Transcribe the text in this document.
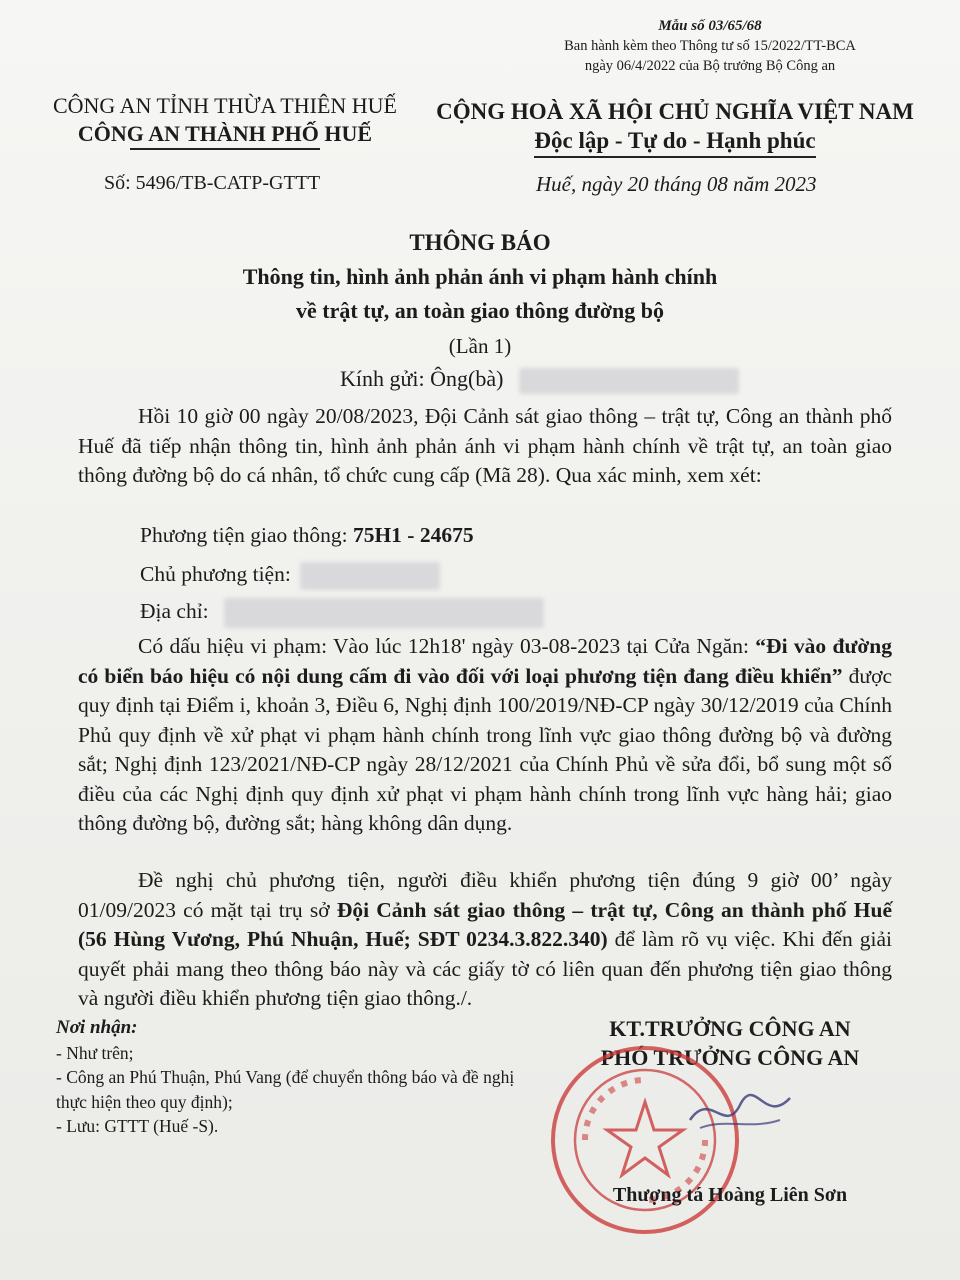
Mẫu số 03/65/68
Ban hành kèm theo Thông tư số 15/2022/TT-BCA
ngày 06/4/2022 của Bộ trưởng Bộ Công an
CÔNG AN TỈNH THỪA THIÊN HUẾ
CÔNG AN THÀNH PHỐ HUẾ
CỘNG HOÀ XÃ HỘI CHỦ NGHĨA VIỆT NAM
Độc lập - Tự do - Hạnh phúc
Số: 5496/TB-CATP-GTTT	Huế, ngày 20 tháng 08 năm 2023
THÔNG BÁO
Thông tin, hình ảnh phản ánh vi phạm hành chính
về trật tự, an toàn giao thông đường bộ
(Lần 1)
Kính gửi: Ông(bà)
Hồi 10 giờ 00 ngày 20/08/2023, Đội Cảnh sát giao thông – trật tự, Công an thành phố Huế đã tiếp nhận thông tin, hình ảnh phản ánh vi phạm hành chính về trật tự, an toàn giao thông đường bộ do cá nhân, tổ chức cung cấp (Mã 28). Qua xác minh, xem xét:
Phương tiện giao thông: 75H1 - 24675
Chủ phương tiện:
Địa chỉ:
Có dấu hiệu vi phạm: Vào lúc 12h18' ngày 03-08-2023 tại Cửa Ngăn: “Đi vào đường có biển báo hiệu có nội dung cấm đi vào đối với loại phương tiện đang điều khiển” được quy định tại Điểm i, khoản 3, Điều 6, Nghị định 100/2019/NĐ-CP ngày 30/12/2019 của Chính Phủ quy định về xử phạt vi phạm hành chính trong lĩnh vực giao thông đường bộ và đường sắt; Nghị định 123/2021/NĐ-CP ngày 28/12/2021 của Chính Phủ về sửa đổi, bổ sung một số điều của các Nghị định quy định xử phạt vi phạm hành chính trong lĩnh vực hàng hải; giao thông đường bộ, đường sắt; hàng không dân dụng.
Đề nghị chủ phương tiện, người điều khiển phương tiện đúng 9 giờ 00’ ngày 01/09/2023 có mặt tại trụ sở Đội Cảnh sát giao thông – trật tự, Công an thành phố Huế (56 Hùng Vương, Phú Nhuận, Huế; SĐT 0234.3.822.340) để làm rõ vụ việc. Khi đến giải quyết phải mang theo thông báo này và các giấy tờ có liên quan đến phương tiện giao thông và người điều khiển phương tiện giao thông./.
Nơi nhận:
- Như trên;
- Công an Phú Thuận, Phú Vang (để chuyển thông báo và đề nghị thực hiện theo quy định);
- Lưu: GTTT (Huế -S).
KT.TRƯỞNG CÔNG AN
PHÓ TRƯỞNG CÔNG AN
Thượng tá Hoàng Liên Sơn
